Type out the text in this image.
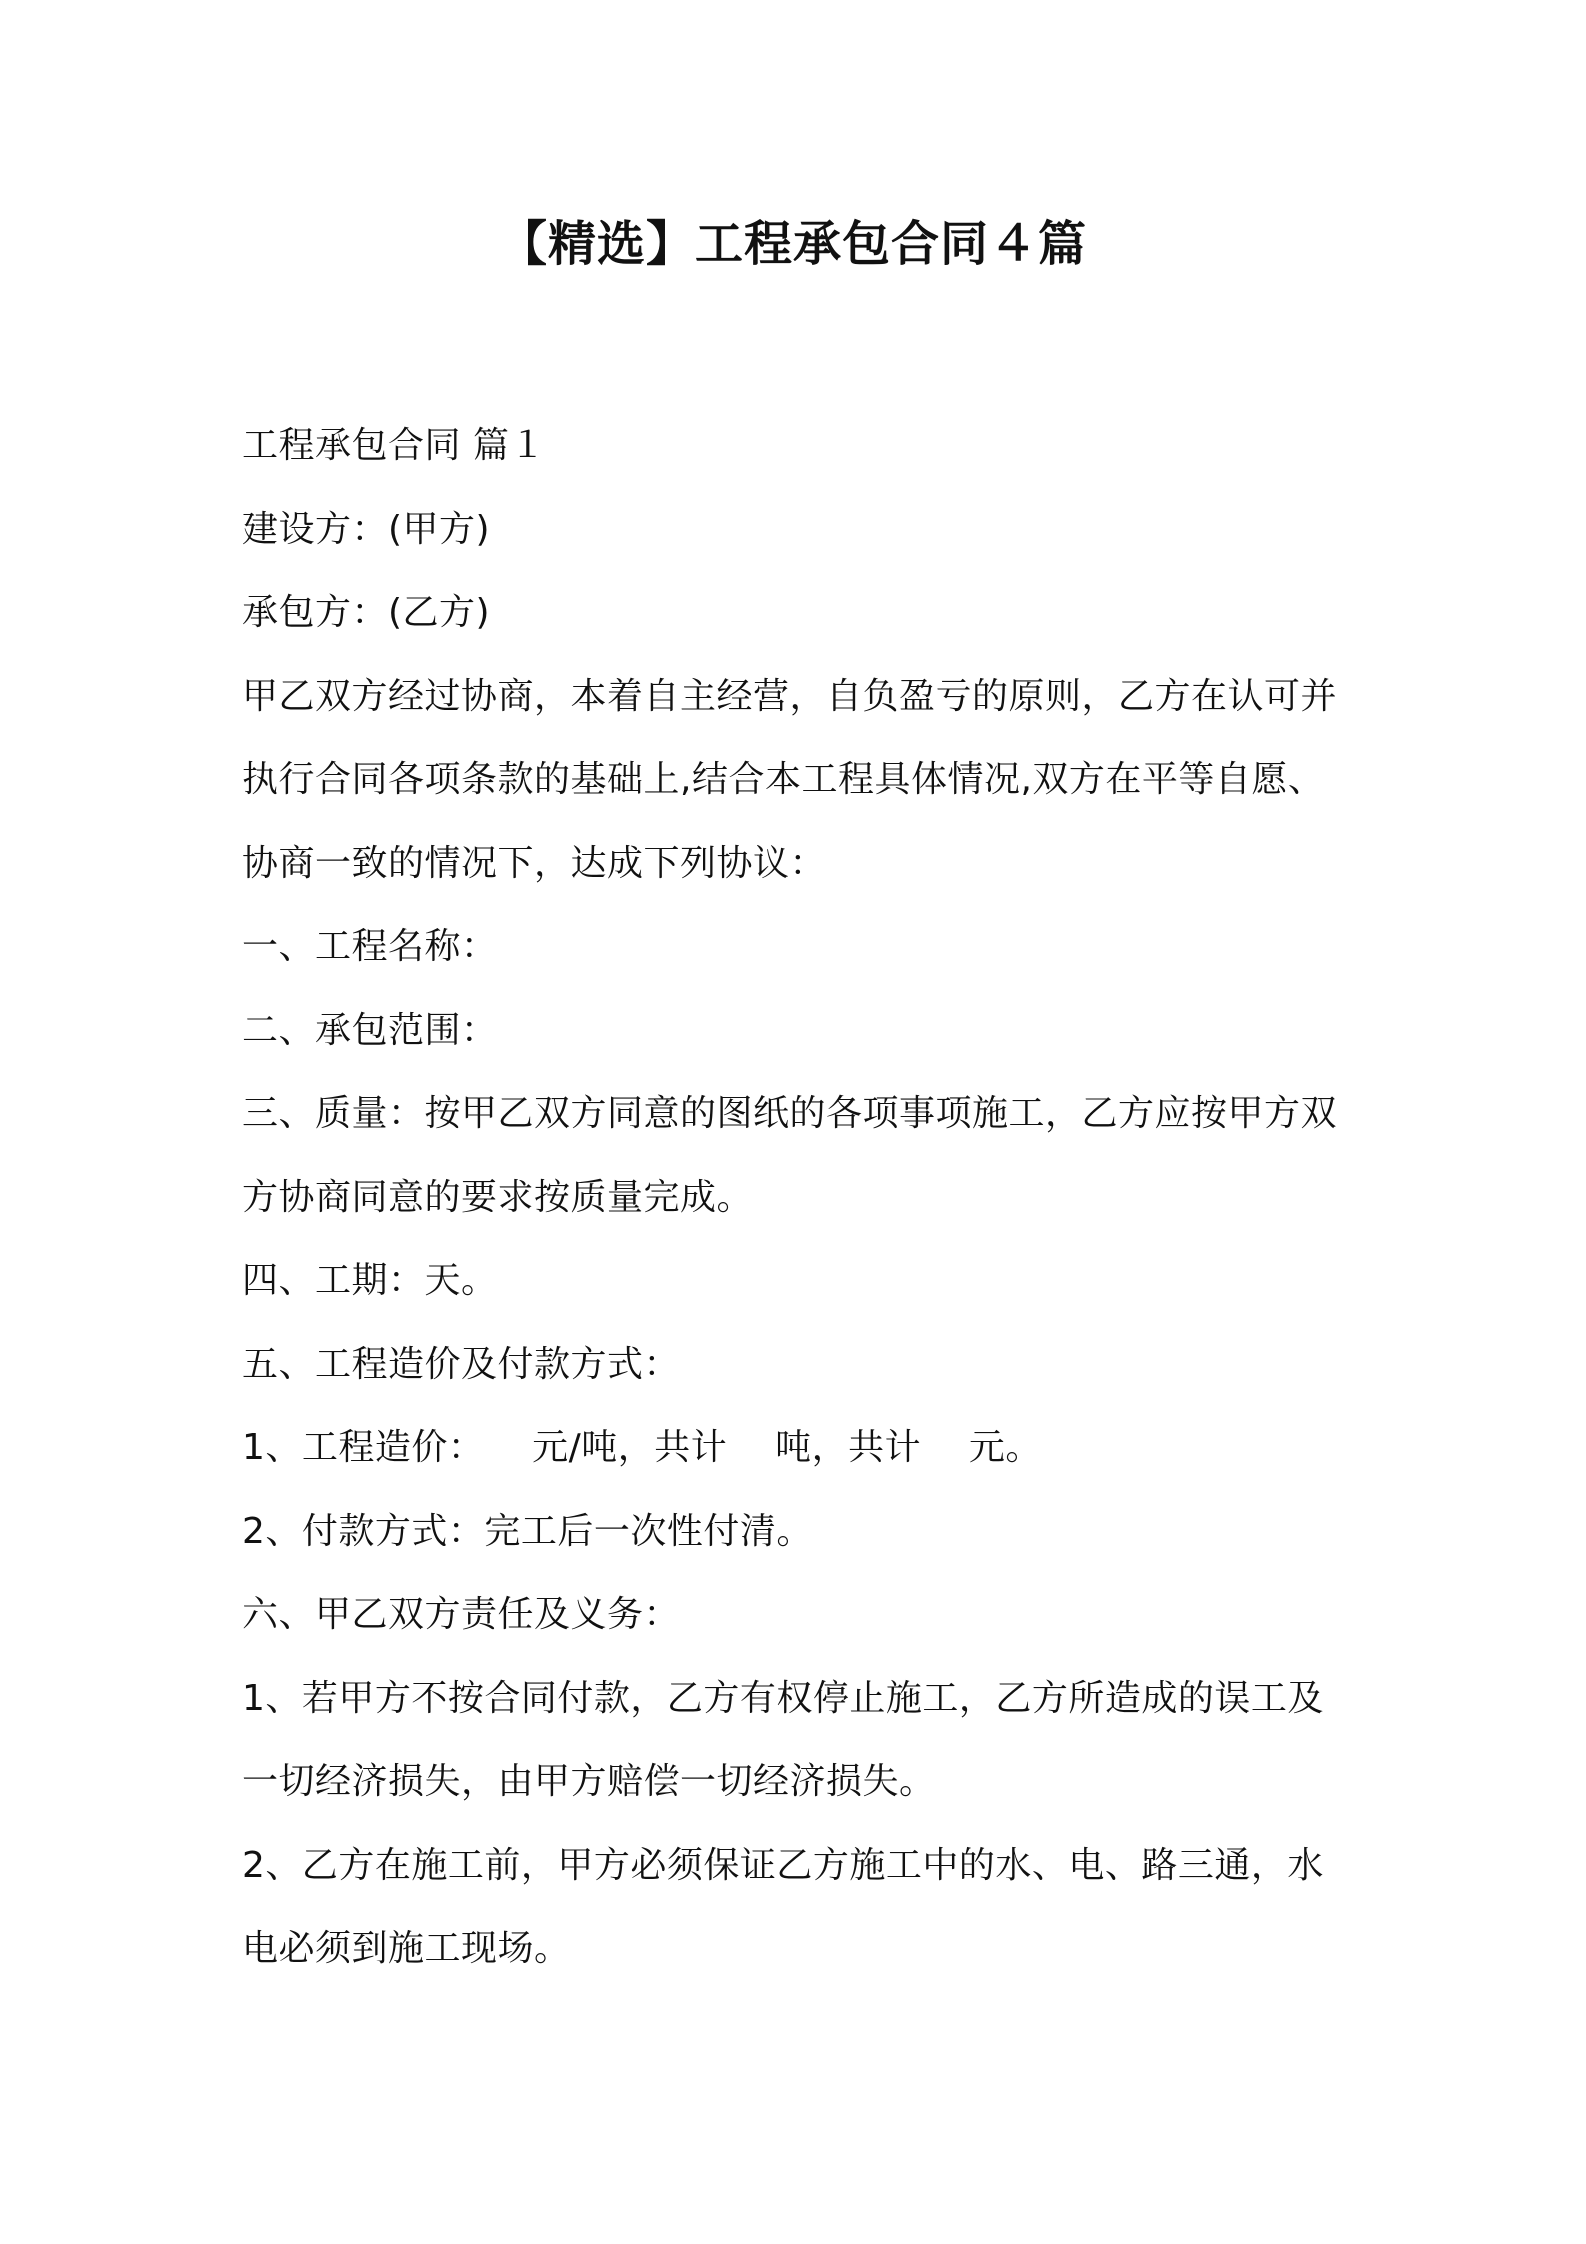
【精选】工程承包合同４篇

工程承包合同 篇１

建设方：(甲方)

承包方：(乙方)

甲乙双方经过协商，本着自主经营，自负盈亏的原则，乙方在认可并

执行合同各项条款的基础上,结合本工程具体情况,双方在平等自愿、

协商一致的情况下，达成下列协议：

一、工程名称：

二、承包范围：

三、质量：按甲乙双方同意的图纸的各项事项施工，乙方应按甲方双

方协商同意的要求按质量完成。

四、工期：天。

五、工程造价及付款方式：

1、工程造价：    元/吨，共计    吨，共计    元。

2、付款方式：完工后一次性付清。

六、甲乙双方责任及义务：

1、若甲方不按合同付款，乙方有权停止施工，乙方所造成的误工及

一切经济损失，由甲方赔偿一切经济损失。

2、乙方在施工前，甲方必须保证乙方施工中的水、电、路三通，水

电必须到施工现场。
